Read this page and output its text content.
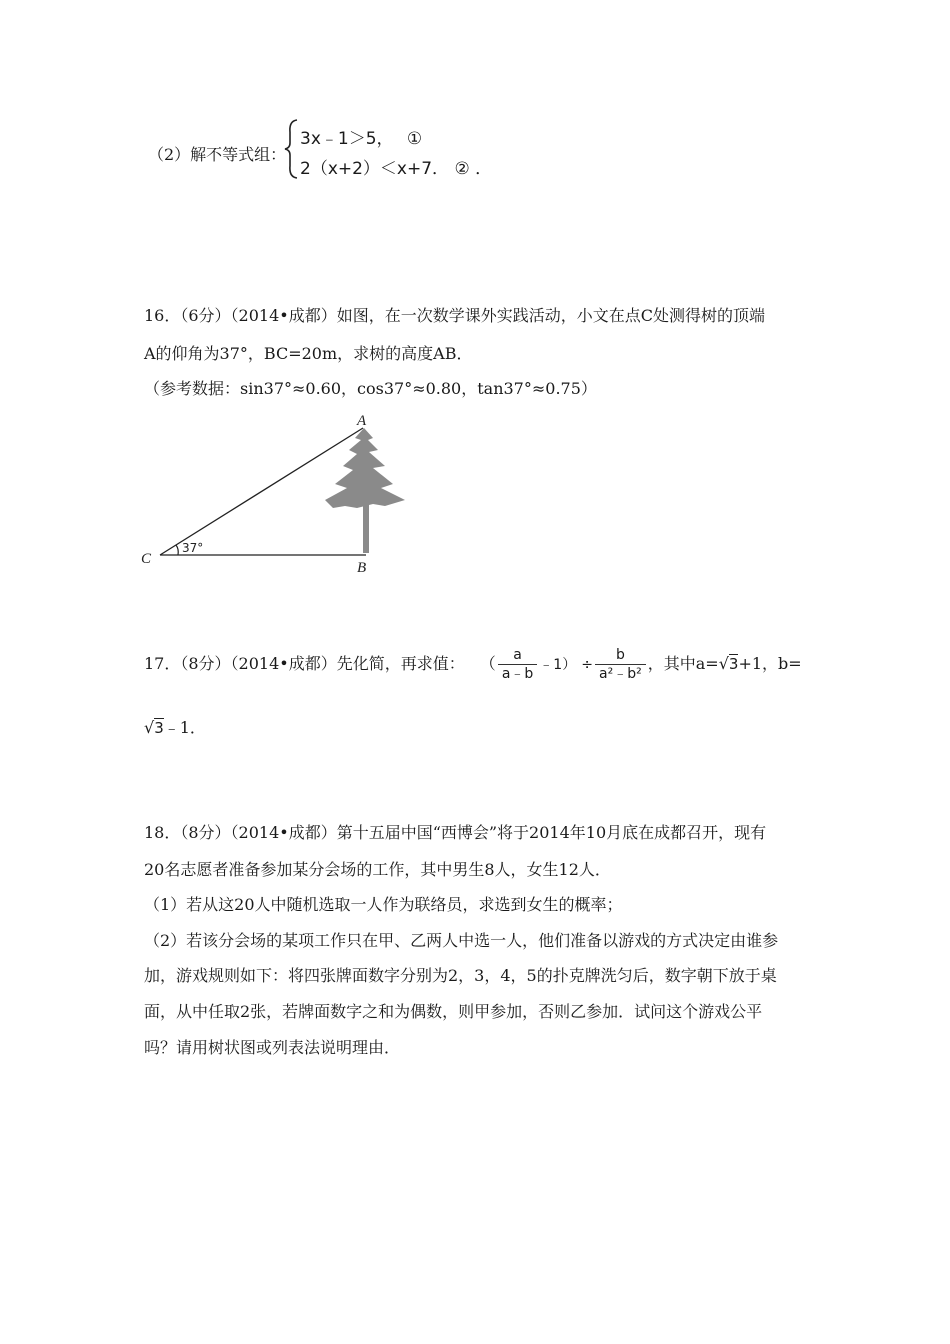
（2）解不等式组：
3x﹣1＞5， ①
2（x+2）＜x+7． ② ．
16．（6分）（2014•成都）如图，在一次数学课外实践活动，小文在点C处测得树的顶端
A的仰角为37°，BC=20m，求树的高度AB．
（参考数据：sin37°≈0.60，cos37°≈0.80，tan37°≈0.75）
A
B
C
37°
17．（8分）（2014•成都）先化简，再求值： （ $\frac{a}{a﹣b}$ ﹣1） ÷ $\frac{b}{\text{a²﹣b²}}$ ，其中a=√3+1，b=
√3﹣1．
18．（8分）（2014•成都）第十五届中国“西博会”将于2014年10月底在成都召开，现有
20名志愿者准备参加某分会场的工作，其中男生8人，女生12人．
（1）若从这20人中随机选取一人作为联络员，求选到女生的概率；
（2）若该分会场的某项工作只在甲、乙两人中选一人，他们准备以游戏的方式决定由谁参
加，游戏规则如下：将四张牌面数字分别为2，3，4，5的扑克牌洗匀后，数字朝下放于桌
面，从中任取2张，若牌面数字之和为偶数，则甲参加，否则乙参加．试问这个游戏公平
吗？请用树状图或列表法说明理由．
